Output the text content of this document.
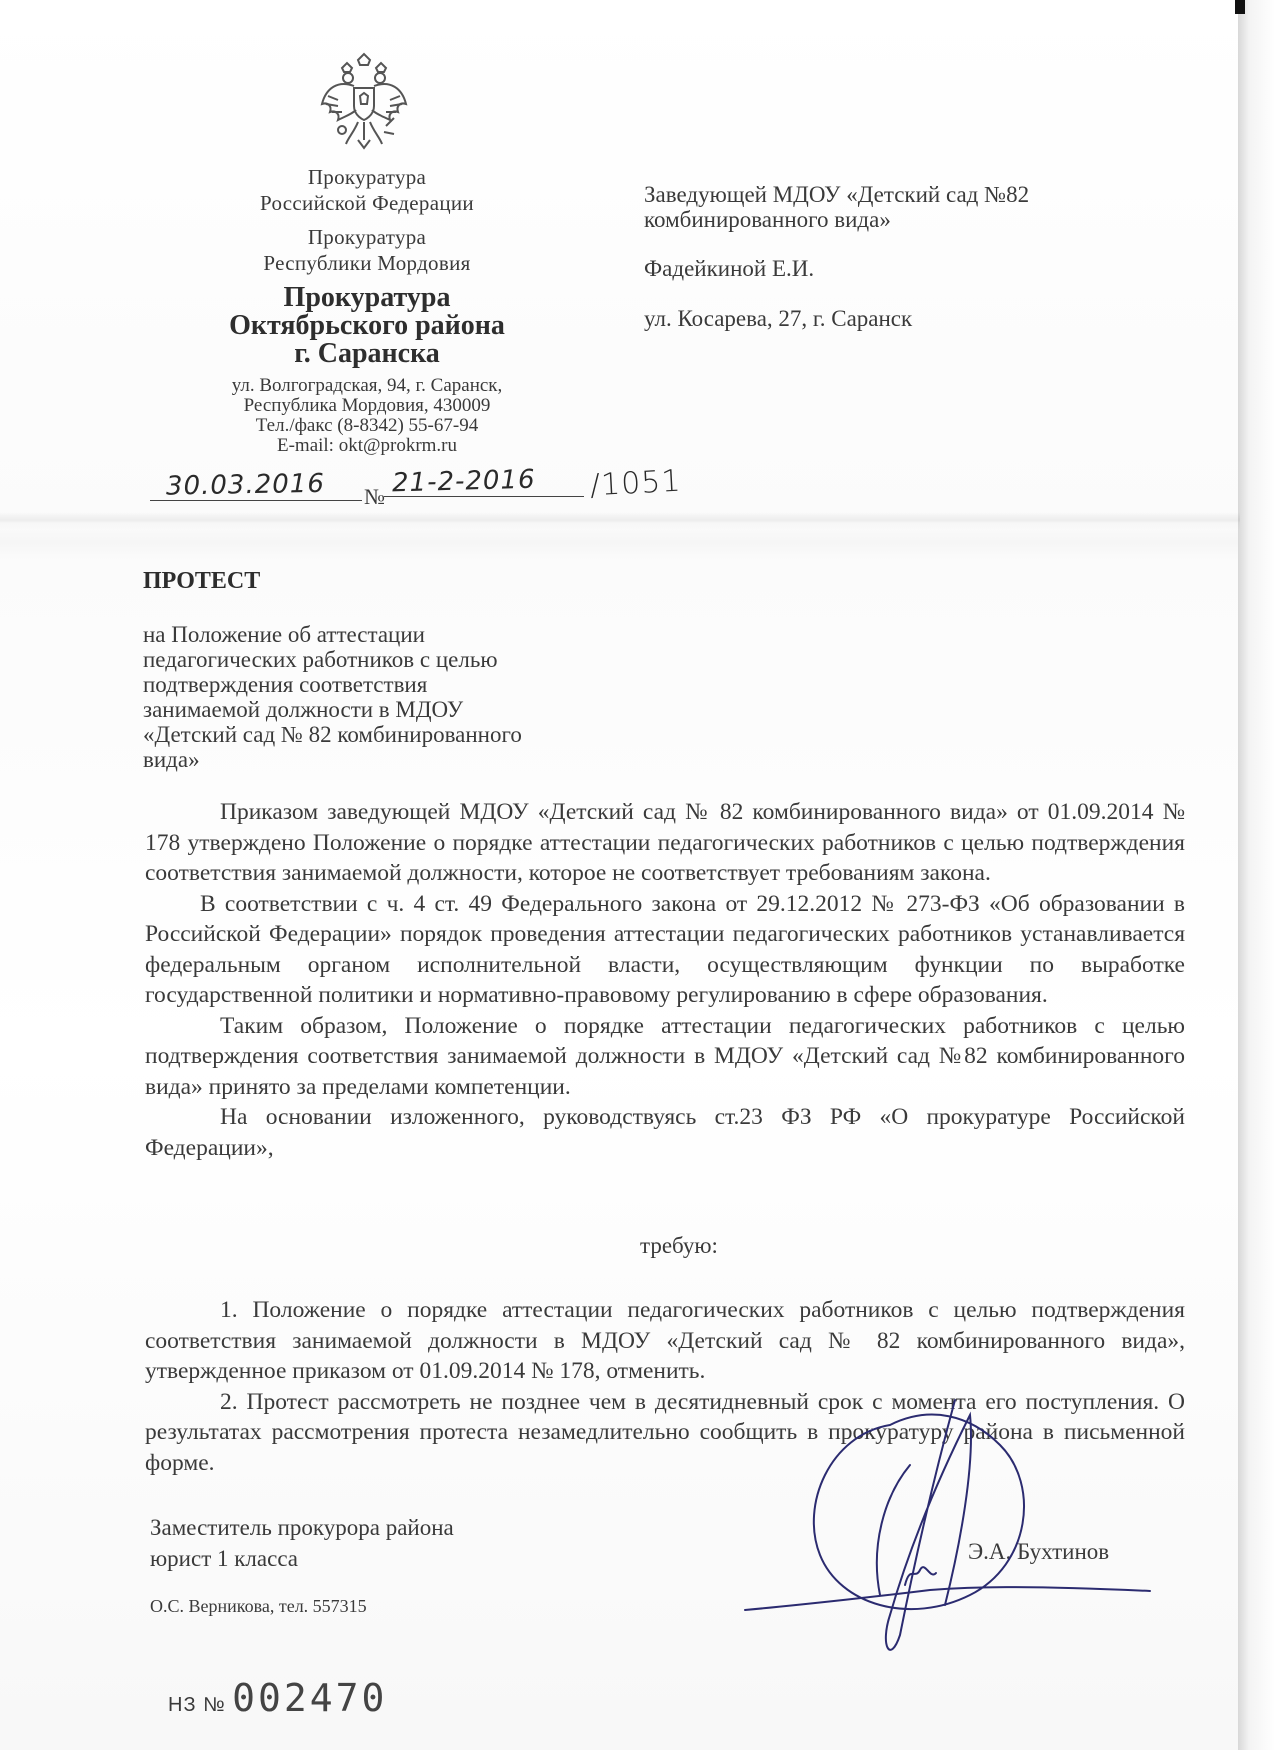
Прокуратура
Российской Федерации
Прокуратура
Республики Мордовия
Прокуратура
Октябрьского района
г. Саранска
ул. Волгоградская, 94, г. Саранск,
Республика Мордовия, 430009
Тел./факс (8-8342) 55-67-94
E-mail: okt@prokrm.ru
30.03.2016	№ 21-2-2016	/1051
Заведующей МДОУ «Детский сад №82
комбинированного вида»
Фадейкиной Е.И.
ул. Косарева, 27, г. Саранск
ПРОТЕСТ
на Положение об аттестации
педагогических работников с целью
подтверждения соответствия
занимаемой должности в МДОУ
«Детский сад № 82 комбинированного
вида»

Приказом заведующей МДОУ «Детский сад № 82 комбинированного вида» от 01.09.2014 № 178 утверждено Положение о порядке аттестации педагогических работников с целью подтверждения соответствия занимаемой должности, которое не соответствует требованиям закона.

В соответствии с ч. 4 ст. 49 Федерального закона от 29.12.2012 № 273-ФЗ «Об образовании в Российской Федерации» порядок проведения аттестации педагогических работников устанавливается федеральным органом исполнительной власти, осуществляющим функции по выработке государственной политики и нормативно-правовому регулированию в сфере образования.

Таким образом, Положение о порядке аттестации педагогических работников с целью подтверждения соответствия занимаемой должности в МДОУ «Детский сад №82 комбинированного вида» принято за пределами компетенции.

На основании изложенного, руководствуясь ст.23 ФЗ РФ «О прокуратуре Российской Федерации»,

требую:

1. Положение о порядке аттестации педагогических работников с целью подтверждения соответствия занимаемой должности в МДОУ «Детский сад № 82 комбинированного вида», утвержденное приказом от 01.09.2014 № 178, отменить.

2. Протест рассмотреть не позднее чем в десятидневный срок с момента его поступления. О результатах рассмотрения протеста незамедлительно сообщить в прокуратуру района в письменной форме.

Заместитель прокурора района
юрист 1 класса	Э.А. Бухтинов
О.С. Верникова, тел. 557315
НЗ № 002470
